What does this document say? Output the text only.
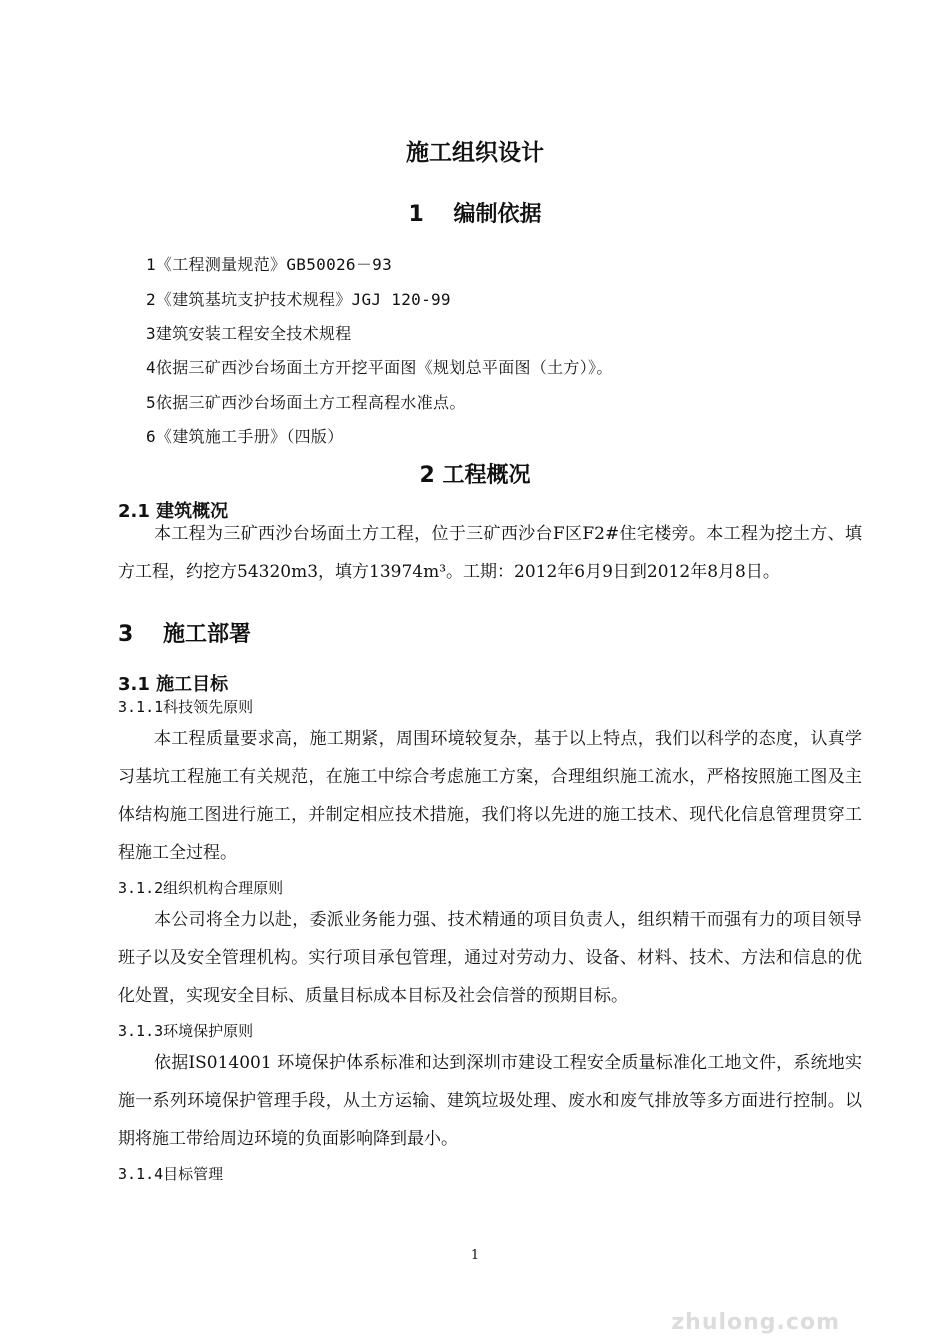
施工组织设计
1　 编制依据
1《工程测量规范》GB50026－93
2《建筑基坑支护技术规程》JGJ 120-99
3建筑安装工程安全技术规程
4依据三矿西沙台场面土方开挖平面图《规划总平面图（土方）》。
5依据三矿西沙台场面土方工程高程水准点。
6《建筑施工手册》（四版）
2 工程概况
2.1 建筑概况
本工程为三矿西沙台场面土方工程，位于三矿西沙台F区F2#住宅楼旁。本工程为挖土方、填方工程，约挖方54320m3，填方13974m³。工期：2012年6月9日到2012年8月8日。
3　 施工部署
3.1 施工目标
3.1.1科技领先原则
本工程质量要求高，施工期紧，周围环境较复杂，基于以上特点，我们以科学的态度，认真学习基坑工程施工有关规范，在施工中综合考虑施工方案，合理组织施工流水，严格按照施工图及主体结构施工图进行施工，并制定相应技术措施，我们将以先进的施工技术、现代化信息管理贯穿工程施工全过程。
3.1.2组织机构合理原则
本公司将全力以赴，委派业务能力强、技术精通的项目负责人，组织精干而强有力的项目领导班子以及安全管理机构。实行项目承包管理，通过对劳动力、设备、材料、技术、方法和信息的优化处置，实现安全目标、质量目标成本目标及社会信誉的预期目标。
3.1.3环境保护原则
依据IS014001 环境保护体系标准和达到深圳市建设工程安全质量标准化工地文件，系统地实施一系列环境保护管理手段，从土方运输、建筑垃圾处理、废水和废气排放等多方面进行控制。以期将施工带给周边环境的负面影响降到最小。
3.1.4目标管理
1
zhulong.com
